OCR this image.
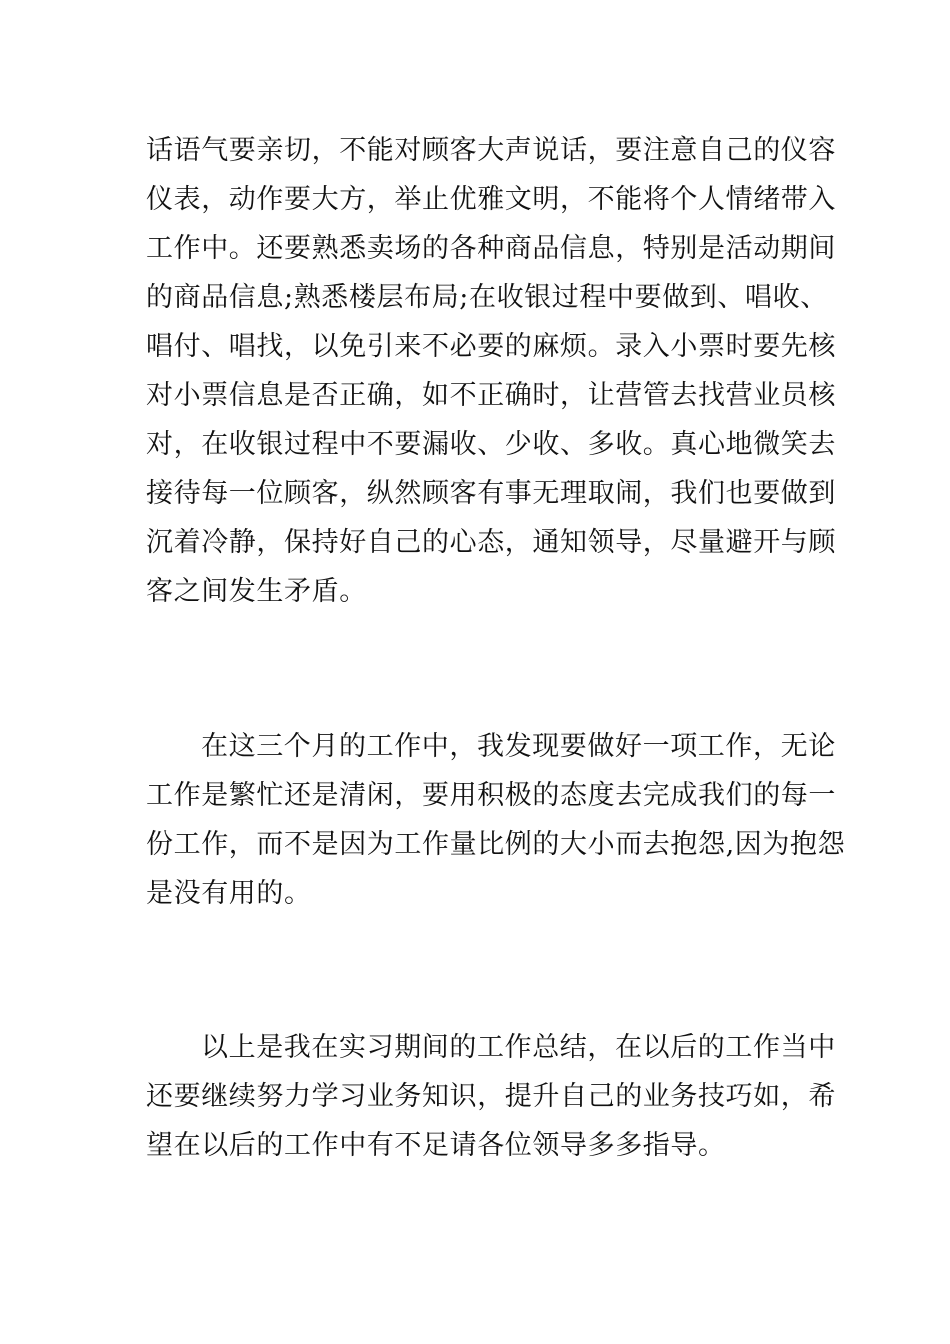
话语气要亲切，不能对顾客大声说话，要注意自己的仪容
仪表，动作要大方，举止优雅文明，不能将个人情绪带入
工作中。还要熟悉卖场的各种商品信息，特别是活动期间
的商品信息;熟悉楼层布局;在收银过程中要做到、唱收、
唱付、唱找，以免引来不必要的麻烦。录入小票时要先核
对小票信息是否正确，如不正确时，让营管去找营业员核
对，在收银过程中不要漏收、少收、多收。真心地微笑去
接待每一位顾客，纵然顾客有事无理取闹，我们也要做到
沉着冷静，保持好自己的心态，通知领导，尽量避开与顾
客之间发生矛盾。

在这三个月的工作中，我发现要做好一项工作，无论
工作是繁忙还是清闲，要用积极的态度去完成我们的每一
份工作，而不是因为工作量比例的大小而去抱怨,因为抱怨
是没有用的。

以上是我在实习期间的工作总结，在以后的工作当中
还要继续努力学习业务知识，提升自己的业务技巧如，希
望在以后的工作中有不足请各位领导多多指导。
